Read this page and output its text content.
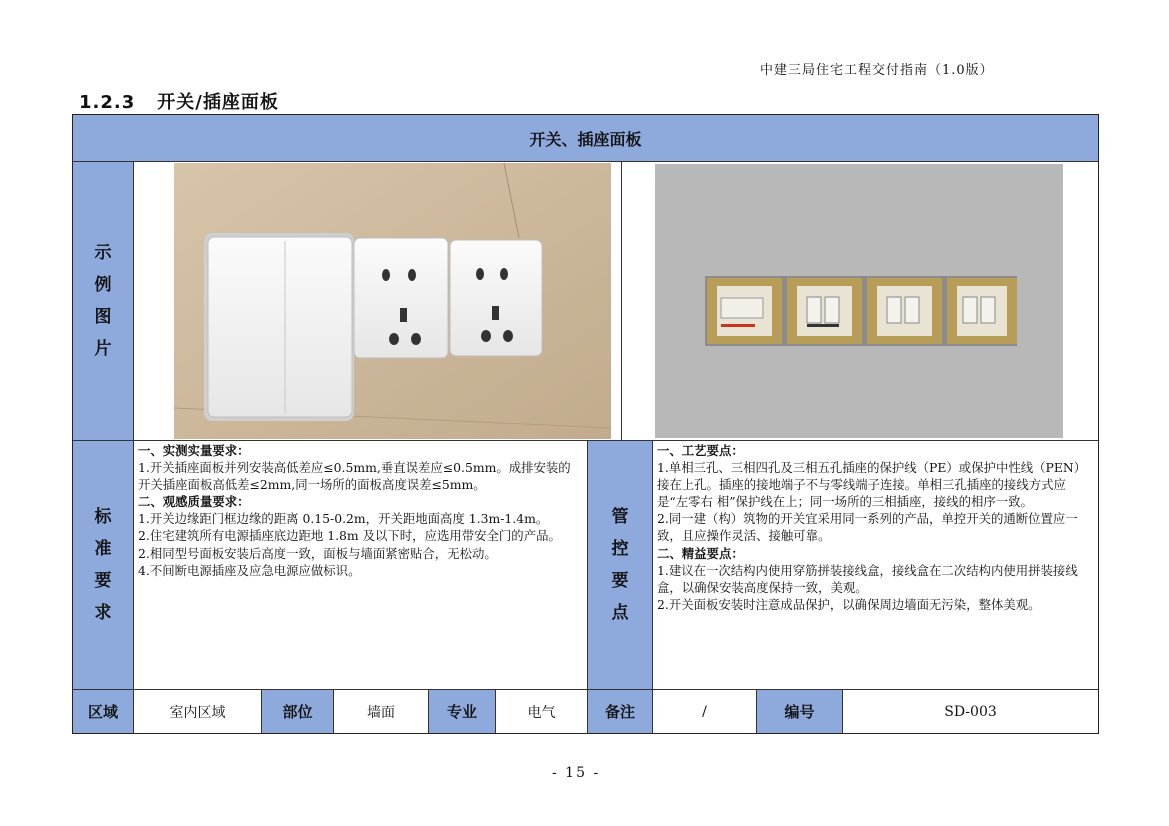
中建三局住宅工程交付指南（1.0版）
1.2.3 开关/插座面板
开关、插座面板
示
例
图
片
标
准
要
求

一、实测实量要求：

1.开关插座面板并列安装高低差应≤0.5mm,垂直误差应≤0.5mm。成排安装的开关插座面板高低差≤2mm,同一场所的面板高度误差≤5mm。

二、观感质量要求：

1.开关边缘距门框边缘的距离 0.15-0.2m，开关距地面高度 1.3m-1.4m。

2.住宅建筑所有电源插座底边距地 1.8m 及以下时，应选用带安全门的产品。

2.相同型号面板安装后高度一致，面板与墙面紧密贴合，无松动。

4.不间断电源插座及应急电源应做标识。

管
控
要
点

一、工艺要点：

1.单相三孔、三相四孔及三相五孔插座的保护线（PE）或保护中性线（PEN） 接在上孔。插座的接地端子不与零线端子连接。单相三孔插座的接线方式应是“左零右 相”保护线在上；同一场所的三相插座，接线的相序一致。

2.同一建（构）筑物的开关宜采用同一系列的产品，单控开关的通断位置应一致，且应操作灵活、接触可靠。

二、精益要点：

1.建议在一次结构内使用穿筋拼装接线盒，接线盒在二次结构内使用拼装接线盒，以确保安装高度保持一致，美观。

2.开关面板安装时注意成品保护，以确保周边墙面无污染，整体美观。

区域	室内区域	部位	墙面	专业	电气	备注	/	编号	SD-003
- 15 -
